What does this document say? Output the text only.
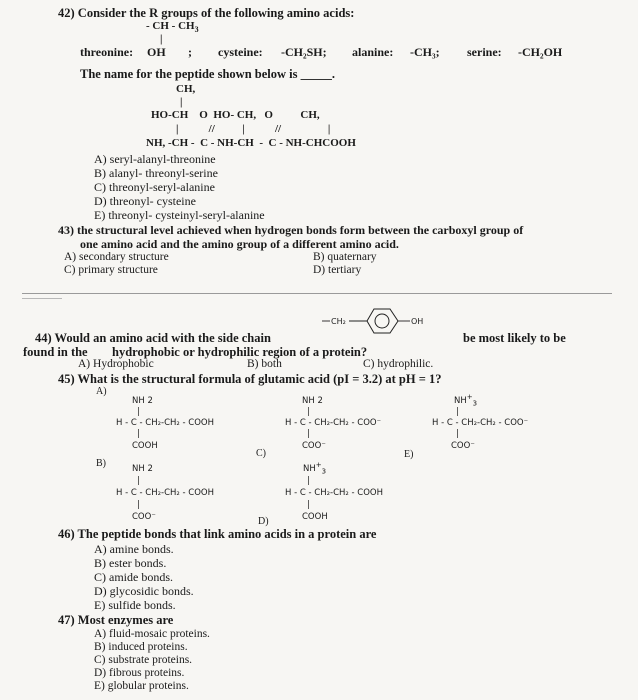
42) Consider the R groups of the following amino acids:
- CH - $CH_3$
|
threonine: OH ; cysteine: -CH₂SH; alanine: -CH₃; serine: -CH₂OH
The name for the peptide shown below is _____.
CH,
|
HO-CH    O  HO- CH,   O          CH,
|           //          |           //                 |
NH, -CH -  C - NH-CH  -  C - NH-CHCOOH
A) seryl-alanyl-threonine
B) alanyl- threonyl-serine
C) threonyl-seryl-alanine
D) threonyl- cysteine
E) threonyl- cysteinyl-seryl-alanine
43) the structural level achieved when hydrogen bonds form between the carboxyl group of
one amino acid and the amino group of a different amino acid.
A) secondary structure	B) quaternary
C) primary structure	D) tertiary
CH₂	OH
44) Would an amino acid with the side chain	be most likely to be
found in the hydrophobic or hydrophilic region of a protein?
A) Hydrophobic	B) both	C) hydrophilic.
45) What is the structural formula of glutamic acid (pI = 3.2) at pH = 1?
A)
NH 2
|
H - C - CH₂-CH₂ - COOH
|
COOH
NH 2
|
H - C - CH₂-CH₂ - COO⁻
|
COO⁻
C)
$NH^+_3$
|
H - C - CH₂-CH₂ - COO⁻
|
COO⁻
E)
B)	NH 2
|
H - C - CH₂-CH₂ - COOH
|
COO⁻
$NH^+_3$
|
H - C - CH₂-CH₂ - COOH
|
COOH
D)
46) The peptide bonds that link amino acids in a protein are
A) amine bonds.
B) ester bonds.
C) amide bonds.
D) glycosidic bonds.
E) sulfide bonds.
47) Most enzymes are
A) fluid-mosaic proteins.
B) induced proteins.
C) substrate proteins.
D) fibrous proteins.
E) globular proteins.
